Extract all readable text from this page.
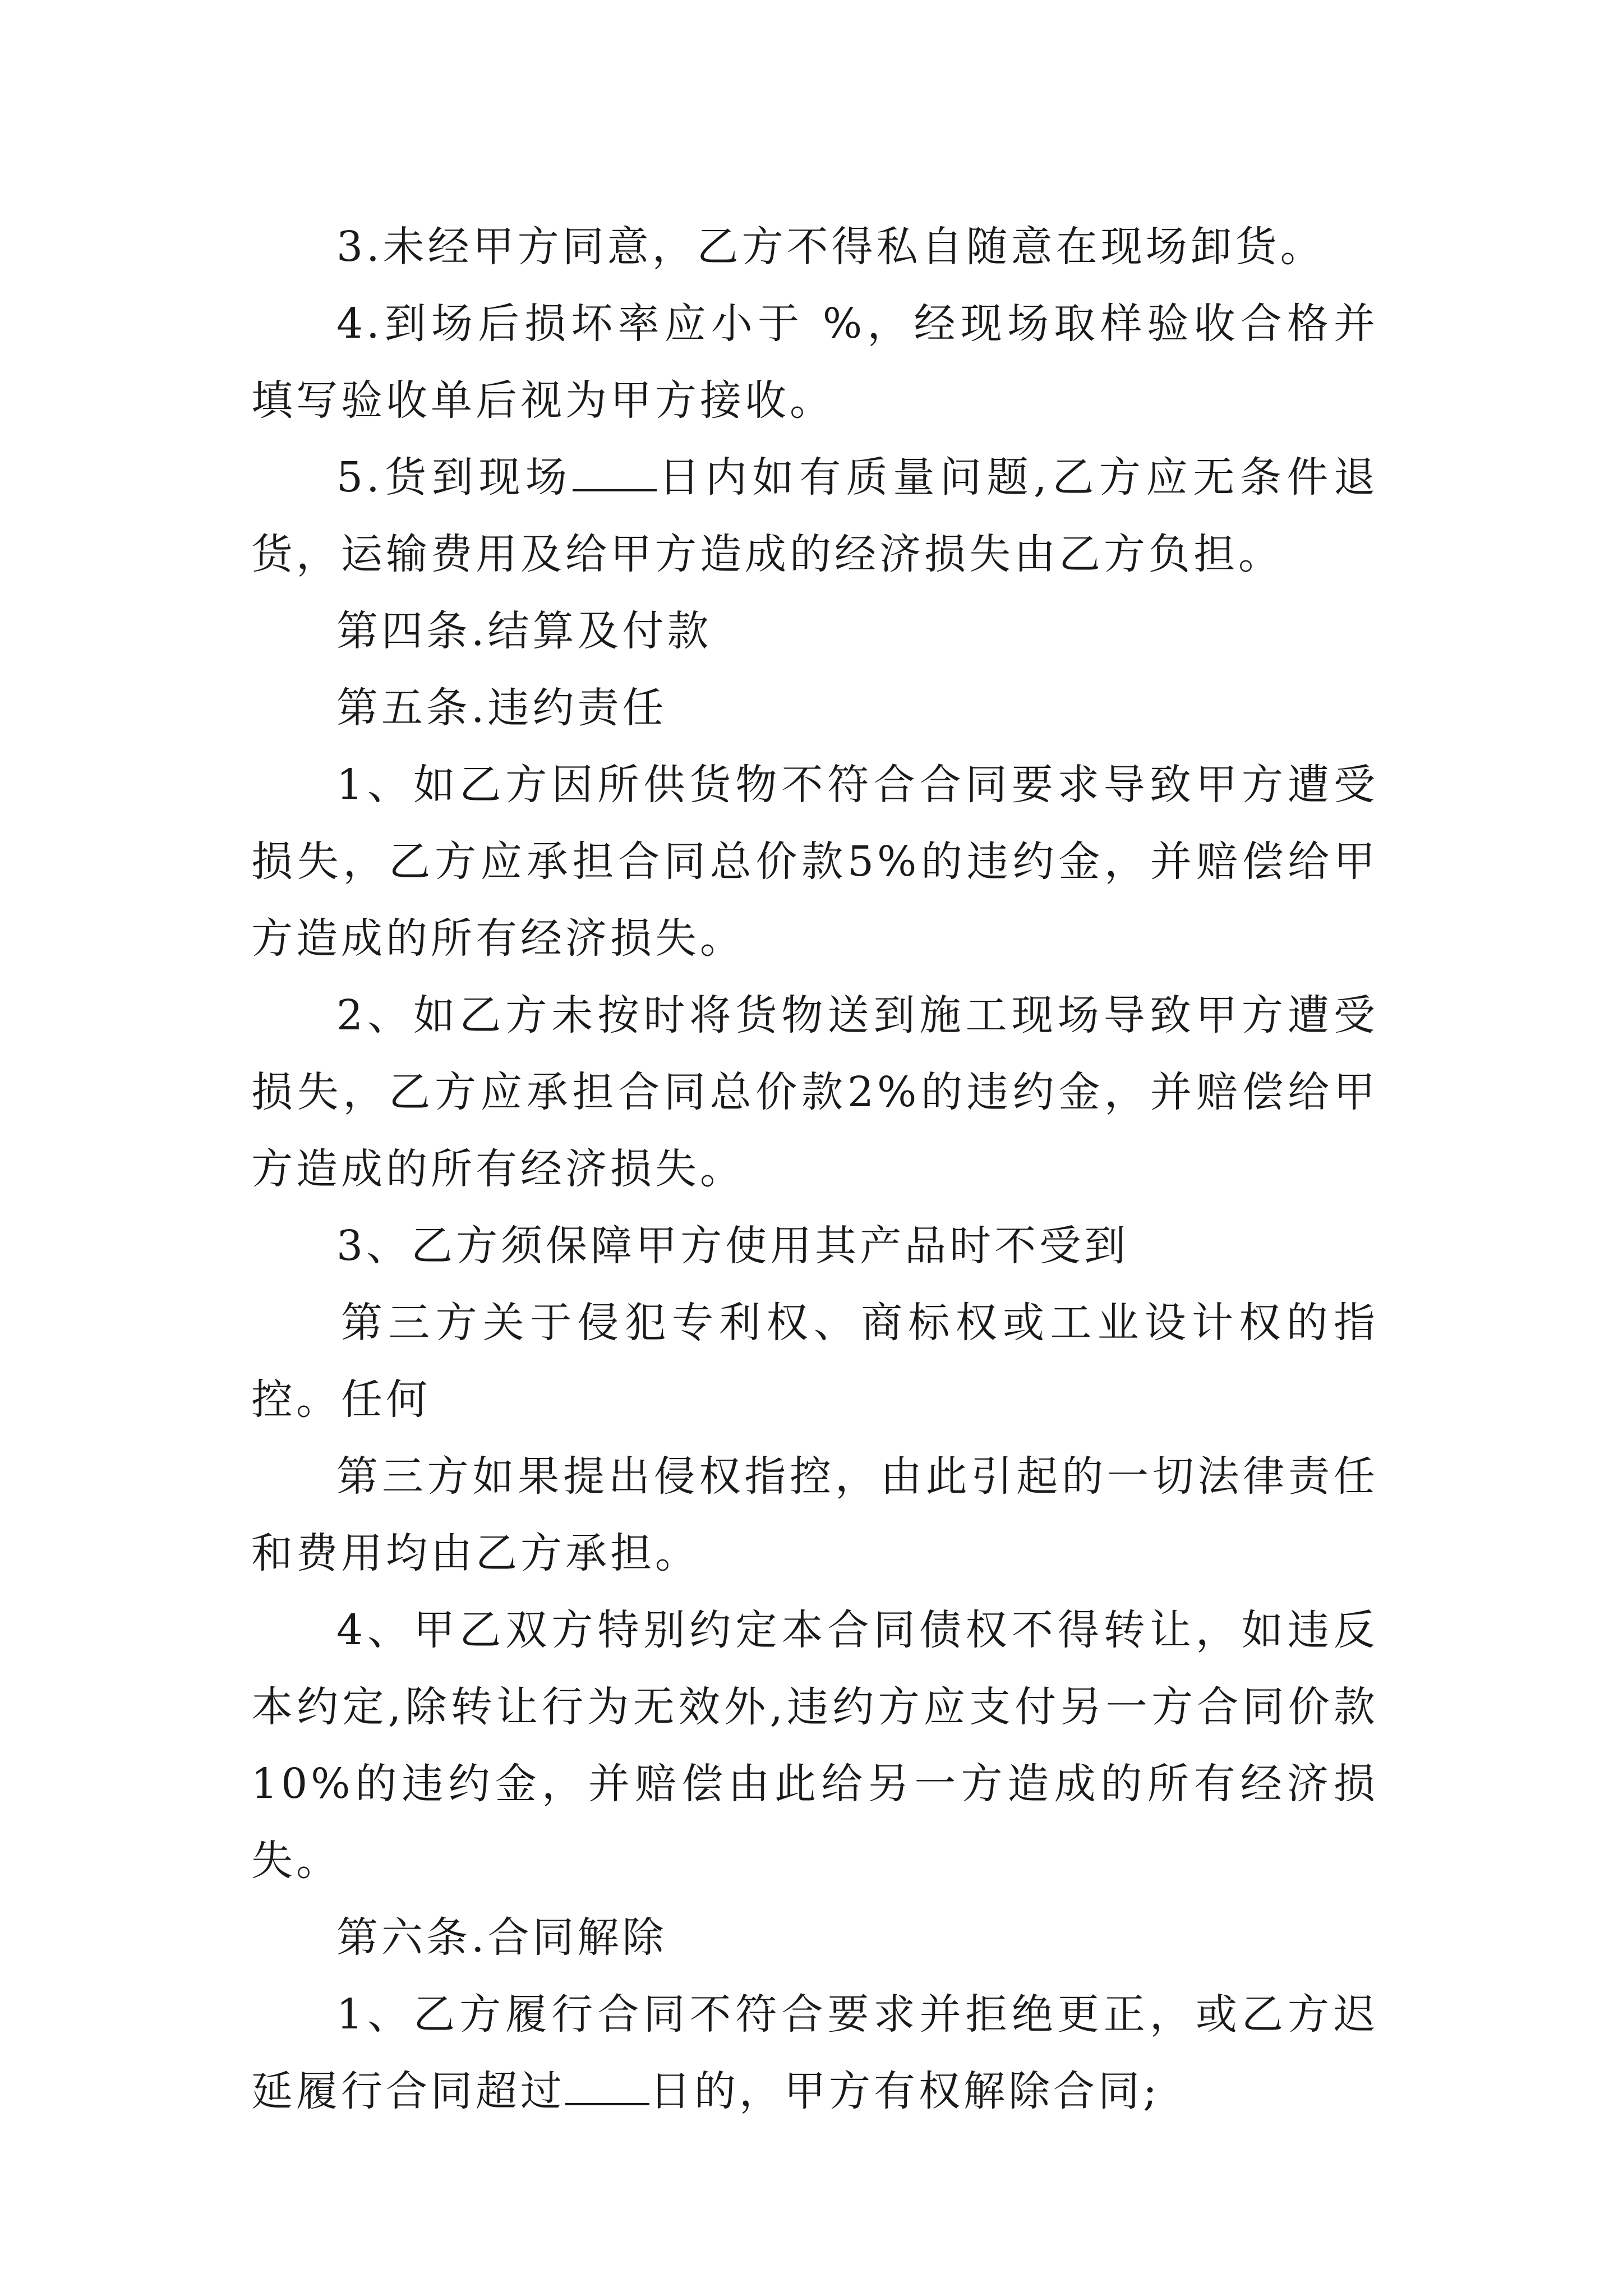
3.未经甲方同意，乙方不得私自随意在现场卸货。

4.到场后损坏率应小于 %，经现场取样验收合格并填写验收单后视为甲方接收。

5.货到现场 日内如有质量问题,乙方应无条件退货，运输费用及给甲方造成的经济损失由乙方负担。

第四条.结算及付款

第五条.违约责任

1、如乙方因所供货物不符合合同要求导致甲方遭受损失，乙方应承担合同总价款5%的违约金，并赔偿给甲方造成的所有经济损失。

2、如乙方未按时将货物送到施工现场导致甲方遭受损失，乙方应承担合同总价款2%的违约金，并赔偿给甲方造成的所有经济损失。

3、乙方须保障甲方使用其产品时不受到

第三方关于侵犯专利权、商标权或工业设计权的指控。任何

第三方如果提出侵权指控，由此引起的一切法律责任和费用均由乙方承担。

4、甲乙双方特别约定本合同债权不得转让，如违反本约定,除转让行为无效外,违约方应支付另一方合同价款10%的违约金，并赔偿由此给另一方造成的所有经济损失。

第六条.合同解除

1、乙方履行合同不符合要求并拒绝更正，或乙方迟延履行合同超过 日的，甲方有权解除合同;
